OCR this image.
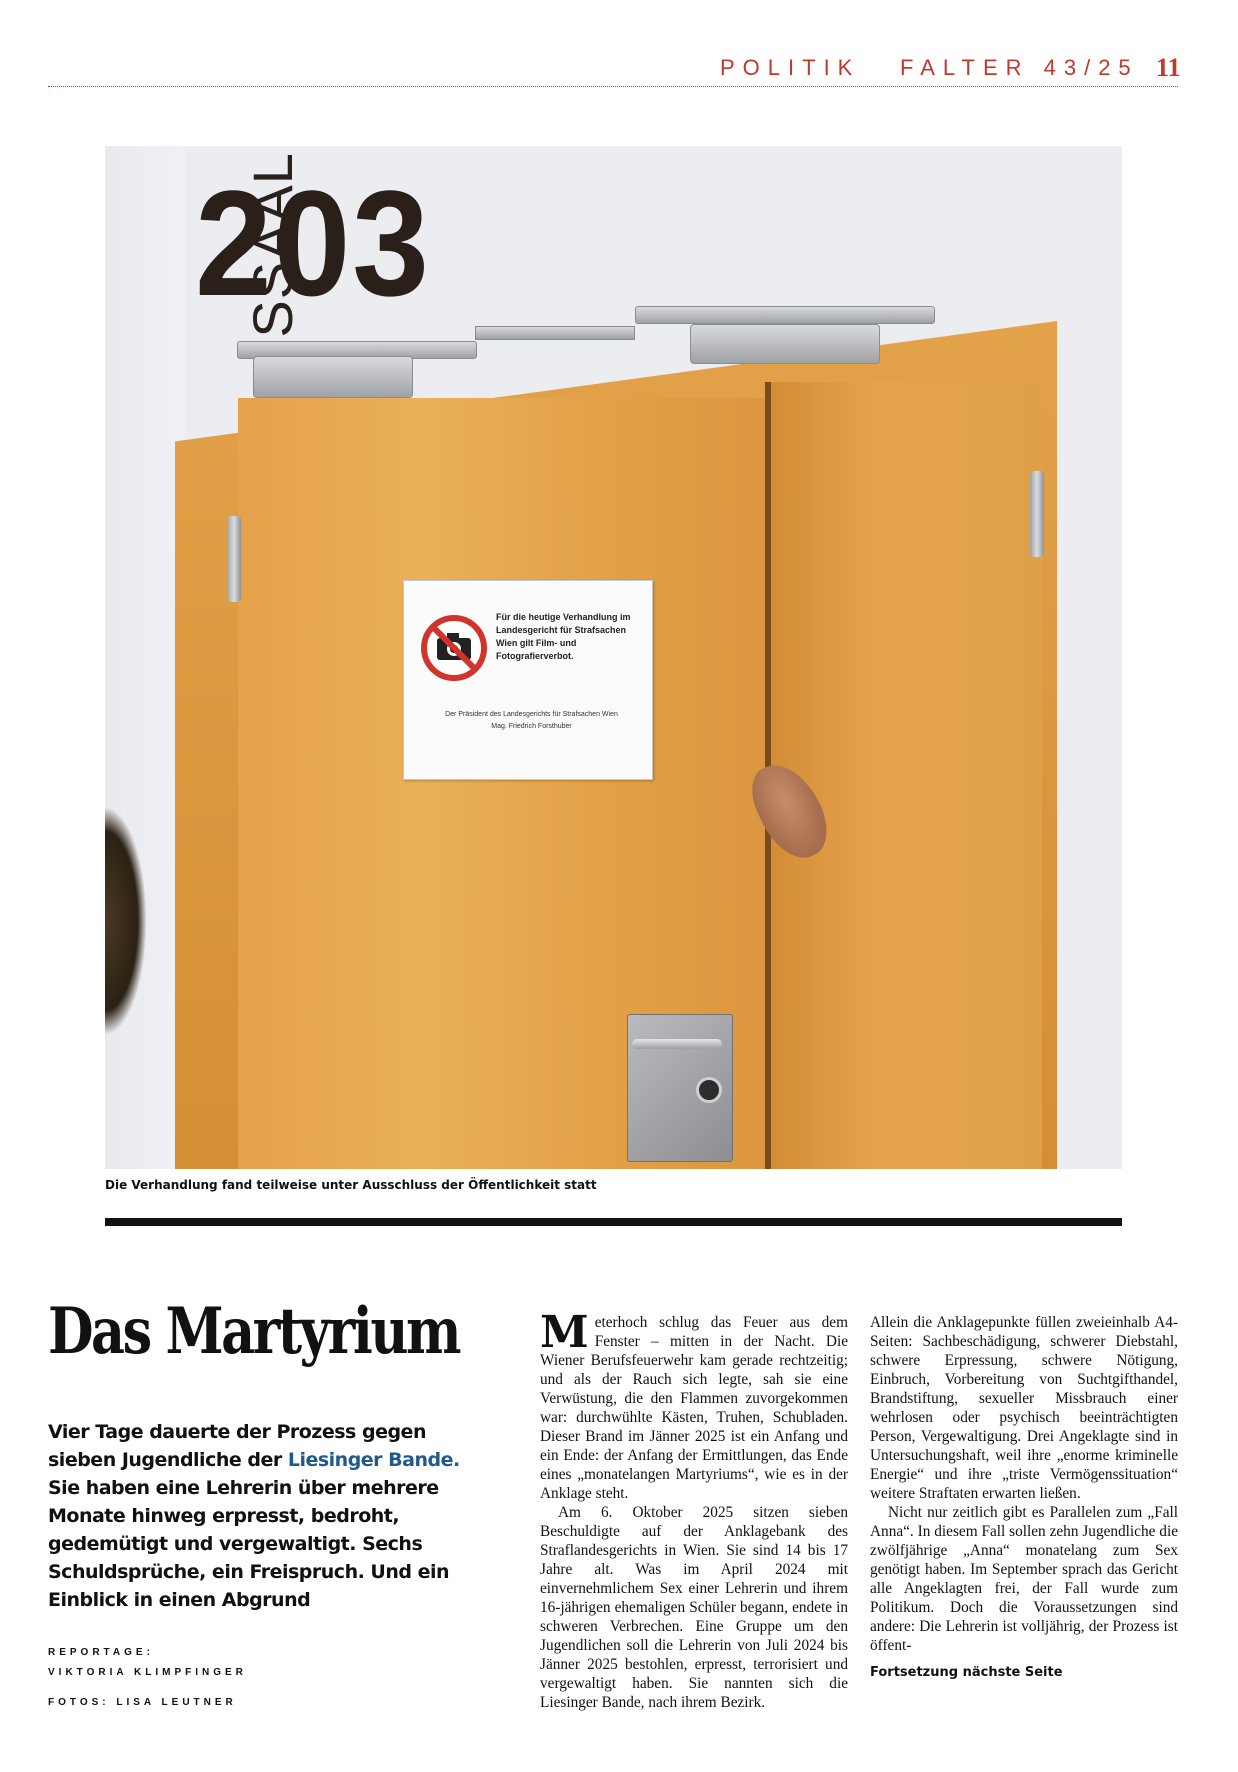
POLITIK FALTER 43/25 11
203
Für die heutige Verhandlung im Landesgericht für Strafsachen Wien gilt Film- und Fotografierverbot.
Der Präsident des Landesgerichts für Strafsachen Wien
Mag. Friedrich Forsthuber
Die Verhandlung fand teilweise unter Ausschluss der Öffentlichkeit statt
Das Martyrium
Vier Tage dauerte der Prozess gegen sieben Jugendliche der Liesinger Bande. Sie haben eine Lehrerin über mehrere Monate hinweg erpresst, bedroht, gedemütigt und vergewaltigt. Sechs Schuldsprüche, ein Freispruch. Und ein Einblick in einen Abgrund
REPORTAGE:
VIKTORIA KLIMPFINGER
FOTOS: LISA LEUTNER

Meterhoch schlug das Feuer aus dem Fenster – mitten in der Nacht. Die Wiener Berufsfeuerwehr kam gerade rechtzeitig; und als der Rauch sich legte, sah sie eine Verwüstung, die den Flammen zuvorgekommen war: durchwühlte Kästen, Truhen, Schubladen. Dieser Brand im Jänner 2025 ist ein Anfang und ein Ende: der Anfang der Ermittlungen, das Ende eines „monatelangen Martyriums“, wie es in der Anklage steht.

Am 6. Oktober 2025 sitzen sieben Beschuldigte auf der Anklagebank des Straflandesgerichts in Wien. Sie sind 14 bis 17 Jahre alt. Was im April 2024 mit einvernehmlichem Sex einer Lehrerin und ihrem 16-jährigen ehemaligen Schüler begann, endete in schweren Verbrechen. Eine Gruppe um den Jugendlichen soll die Lehrerin von Juli 2024 bis Jänner 2025 bestohlen, erpresst, terrorisiert und vergewaltigt haben. Sie nannten sich die Liesinger Bande, nach ihrem Bezirk.

Allein die Anklagepunkte füllen zweieinhalb A4-Seiten: Sachbeschädigung, schwerer Diebstahl, schwere Erpressung, schwere Nötigung, Einbruch, Vorbereitung von Suchtgifthandel, Brandstiftung, sexueller Missbrauch einer wehrlosen oder psychisch beeinträchtigten Person, Vergewaltigung. Drei Angeklagte sind in Untersuchungshaft, weil ihre „enorme kriminelle Energie“ und ihre „triste Vermögenssituation“ weitere Straftaten erwarten ließen.

Nicht nur zeitlich gibt es Parallelen zum „Fall Anna“. In diesem Fall sollen zehn Jugendliche die zwölfjährige „Anna“ monatelang zum Sex genötigt haben. Im September sprach das Gericht alle Angeklagten frei, der Fall wurde zum Politikum. Doch die Voraussetzungen sind andere: Die Lehrerin ist volljährig, der Prozess ist öffent-

Fortsetzung nächste Seite
